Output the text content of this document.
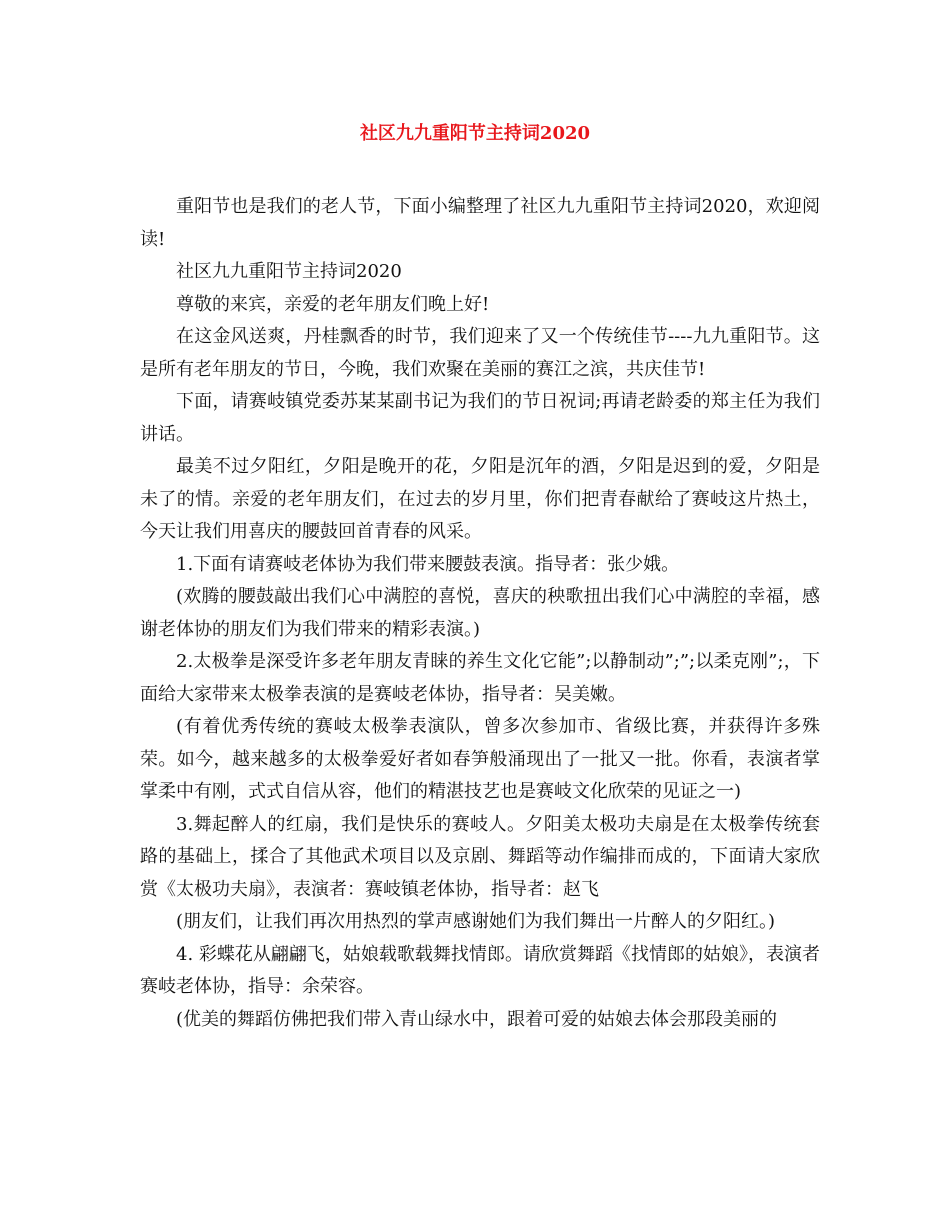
社区九九重阳节主持词2020

重阳节也是我们的老人节，下面小编整理了社区九九重阳节主持词2020，欢迎阅读!

社区九九重阳节主持词2020

尊敬的来宾，亲爱的老年朋友们晚上好!

在这金风送爽，丹桂飘香的时节，我们迎来了又一个传统佳节----九九重阳节。这是所有老年朋友的节日，今晚，我们欢聚在美丽的赛江之滨，共庆佳节!

下面，请赛岐镇党委苏某某副书记为我们的节日祝词;再请老龄委的郑主任为我们讲话。

最美不过夕阳红，夕阳是晚开的花，夕阳是沉年的酒，夕阳是迟到的爱，夕阳是未了的情。亲爱的老年朋友们，在过去的岁月里，你们把青春献给了赛岐这片热土，今天让我们用喜庆的腰鼓回首青春的风采。

1.下面有请赛岐老体协为我们带来腰鼓表演。指导者：张少娥。

(欢腾的腰鼓敲出我们心中满腔的喜悦，喜庆的秧歌扭出我们心中满腔的幸福，感谢老体协的朋友们为我们带来的精彩表演。)

2.太极拳是深受许多老年朋友青睐的养生文化它能”;以静制动”;”;以柔克刚”;，下面给大家带来太极拳表演的是赛岐老体协，指导者：吴美嫩。

(有着优秀传统的赛岐太极拳表演队，曾多次参加市、省级比赛，并获得许多殊荣。如今，越来越多的太极拳爱好者如春笋般涌现出了一批又一批。你看，表演者掌掌柔中有刚，式式自信从容，他们的精湛技艺也是赛岐文化欣荣的见证之一)

3.舞起醉人的红扇，我们是快乐的赛岐人。夕阳美太极功夫扇是在太极拳传统套路的基础上，揉合了其他武术项目以及京剧、舞蹈等动作编排而成的，下面请大家欣赏《太极功夫扇》，表演者：赛岐镇老体协，指导者：赵飞

(朋友们，让我们再次用热烈的掌声感谢她们为我们舞出一片醉人的夕阳红。)

4. 彩蝶花从翩翩飞，姑娘载歌载舞找情郎。请欣赏舞蹈《找情郎的姑娘》，表演者赛岐老体协，指导：余荣容。

(优美的舞蹈仿佛把我们带入青山绿水中，跟着可爱的姑娘去体会那段美丽的
